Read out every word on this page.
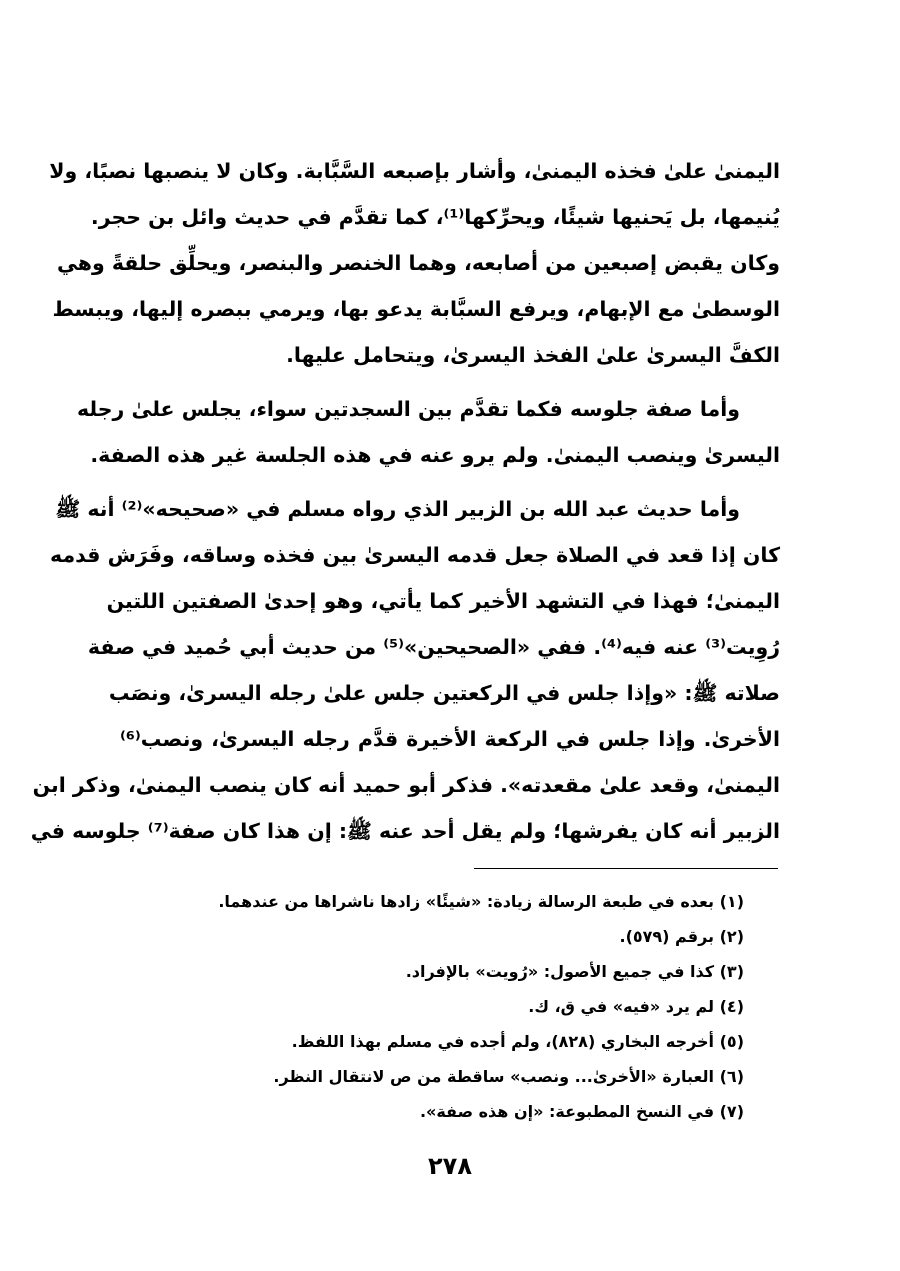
اليمنىٰ علىٰ فخذه اليمنىٰ، وأشار بإصبعه السَّبَّابة. وكان لا ينصبها نصبًا، ولا
يُنيمها، بل يَحنيها شيئًا، ويحرِّكها⁽¹⁾، كما تقدَّم في حديث وائل بن حجر.
وكان يقبض إصبعين من أصابعه، وهما الخنصر والبنصر، ويحلِّق حلقةً وهي
الوسطىٰ مع الإبهام، ويرفع السبَّابة يدعو بها، ويرمي ببصره إليها، ويبسط
الكفَّ اليسرىٰ علىٰ الفخذ اليسرىٰ، ويتحامل عليها.
وأما صفة جلوسه فكما تقدَّم بين السجدتين سواء، يجلس علىٰ رجله
اليسرىٰ وينصب اليمنىٰ. ولم يرو عنه في هذه الجلسة غير هذه الصفة.
وأما حديث عبد الله بن الزبير الذي رواه مسلم في «صحيحه»⁽²⁾ أنه ﷺ
كان إذا قعد في الصلاة جعل قدمه اليسرىٰ بين فخذه وساقه، وفَرَش قدمه
اليمنىٰ؛ فهذا في التشهد الأخير كما يأتي، وهو إحدىٰ الصفتين اللتين
رُوِيت⁽³⁾ عنه فيه⁽⁴⁾. ففي «الصحيحين»⁽⁵⁾ من حديث أبي حُميد في صفة
صلاته ﷺ: «وإذا جلس في الركعتين جلس علىٰ رجله اليسرىٰ، ونصَب
الأخرىٰ. وإذا جلس في الركعة الأخيرة قدَّم رجله اليسرىٰ، ونصب⁽⁶⁾
اليمنىٰ، وقعد علىٰ مقعدته». فذكر أبو حميد أنه كان ينصب اليمنىٰ، وذكر ابن
الزبير أنه كان يفرشها؛ ولم يقل أحد عنه ﷺ: إن هذا كان صفة⁽⁷⁾ جلوسه في
(١) بعده في طبعة الرسالة زيادة: «شيئًا» زادها ناشراها من عندهما.
(٢) برقم (٥٧٩).
(٣) كذا في جميع الأصول: «رُويت» بالإفراد.
(٤) لم يرد «فيه» في ق، ك.
(٥) أخرجه البخاري (٨٢٨)، ولم أجده في مسلم بهذا اللفظ.
(٦) العبارة «الأخرىٰ... ونصب» ساقطة من ص لانتقال النظر.
(٧) في النسخ المطبوعة: «إن هذه صفة».
٢٧٨
